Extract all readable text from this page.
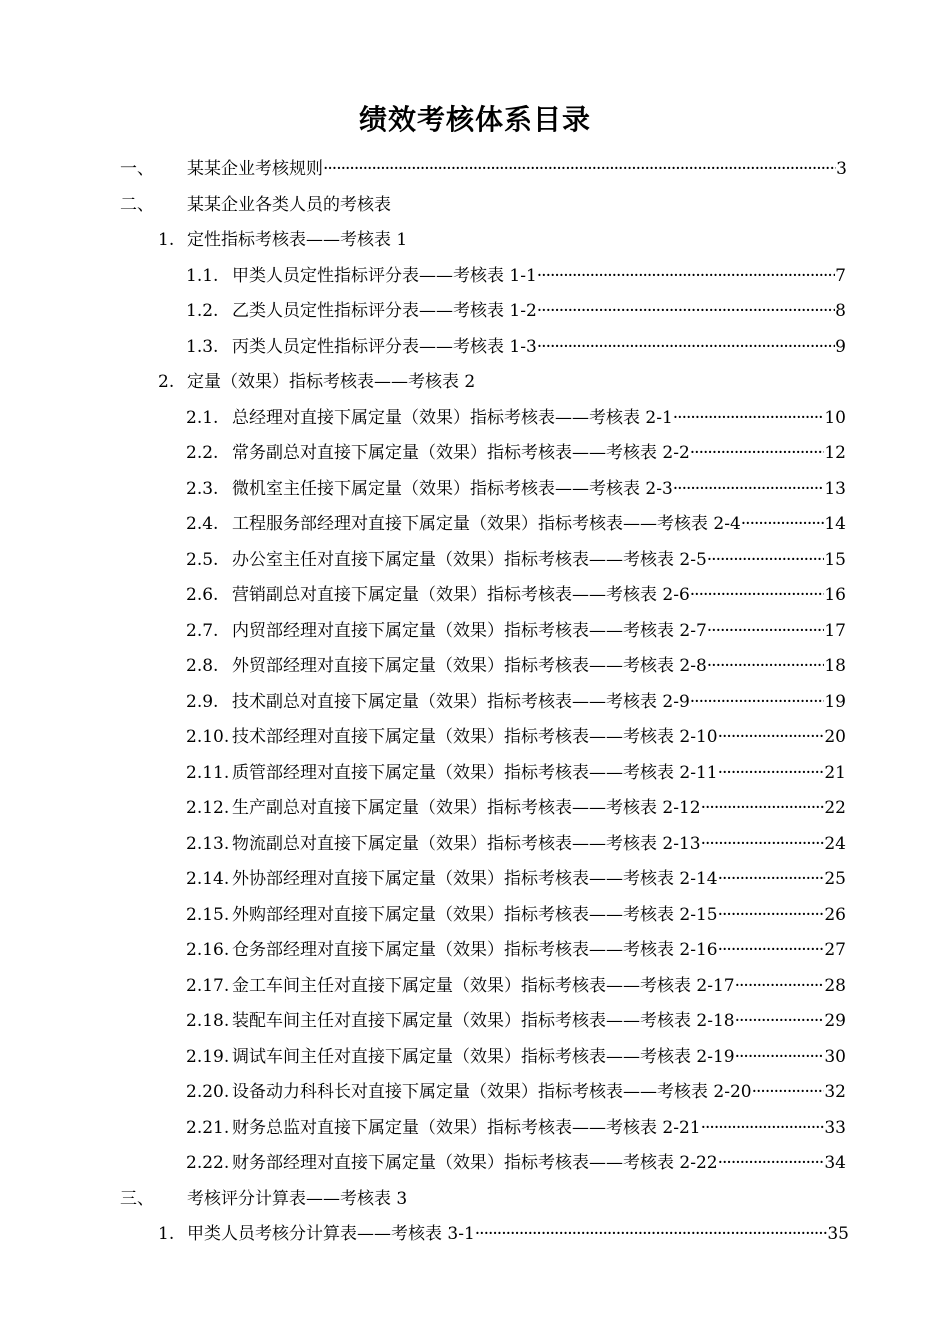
绩效考核体系目录
一、 某某企业考核规则 ·····	3
二、 某某企业各类人员的考核表
1. 定性指标考核表——考核表 1
1.1. 甲类人员定性指标评分表——考核表 1-1 ·····	7
1.2. 乙类人员定性指标评分表——考核表 1-2 ·····	8
1.3. 丙类人员定性指标评分表——考核表 1-3 ·····	9
2. 定量（效果）指标考核表——考核表 2
2.1. 总经理对直接下属定量（效果）指标考核表——考核表 2-1 ·····	10
2.2. 常务副总对直接下属定量（效果）指标考核表——考核表 2-2 ·····	12
2.3. 微机室主任接下属定量（效果）指标考核表——考核表 2-3 ·····	13
2.4. 工程服务部经理对直接下属定量（效果）指标考核表——考核表 2-4 ·····	14
2.5. 办公室主任对直接下属定量（效果）指标考核表——考核表 2-5 ·····	15
2.6. 营销副总对直接下属定量（效果）指标考核表——考核表 2-6 ·····	16
2.7. 内贸部经理对直接下属定量（效果）指标考核表——考核表 2-7 ·····	17
2.8. 外贸部经理对直接下属定量（效果）指标考核表——考核表 2-8 ·····	18
2.9. 技术副总对直接下属定量（效果）指标考核表——考核表 2-9 ·····	19
2.10. 技术部经理对直接下属定量（效果）指标考核表——考核表 2-10 ·····	20
2.11. 质管部经理对直接下属定量（效果）指标考核表——考核表 2-11 ·····	21
2.12. 生产副总对直接下属定量（效果）指标考核表——考核表 2-12 ·····	22
2.13. 物流副总对直接下属定量（效果）指标考核表——考核表 2-13 ·····	24
2.14. 外协部经理对直接下属定量（效果）指标考核表——考核表 2-14 ·····	25
2.15. 外购部经理对直接下属定量（效果）指标考核表——考核表 2-15 ·····	26
2.16. 仓务部经理对直接下属定量（效果）指标考核表——考核表 2-16 ·····	27
2.17. 金工车间主任对直接下属定量（效果）指标考核表——考核表 2-17 ·····	28
2.18. 装配车间主任对直接下属定量（效果）指标考核表——考核表 2-18 ·····	29
2.19. 调试车间主任对直接下属定量（效果）指标考核表——考核表 2-19 ·····	30
2.20. 设备动力科科长对直接下属定量（效果）指标考核表——考核表 2-20 ·····	32
2.21. 财务总监对直接下属定量（效果）指标考核表——考核表 2-21 ·····	33
2.22. 财务部经理对直接下属定量（效果）指标考核表——考核表 2-22 ·····	34
三、 考核评分计算表——考核表 3
1. 甲类人员考核分计算表——考核表 3-1 ·····	35
